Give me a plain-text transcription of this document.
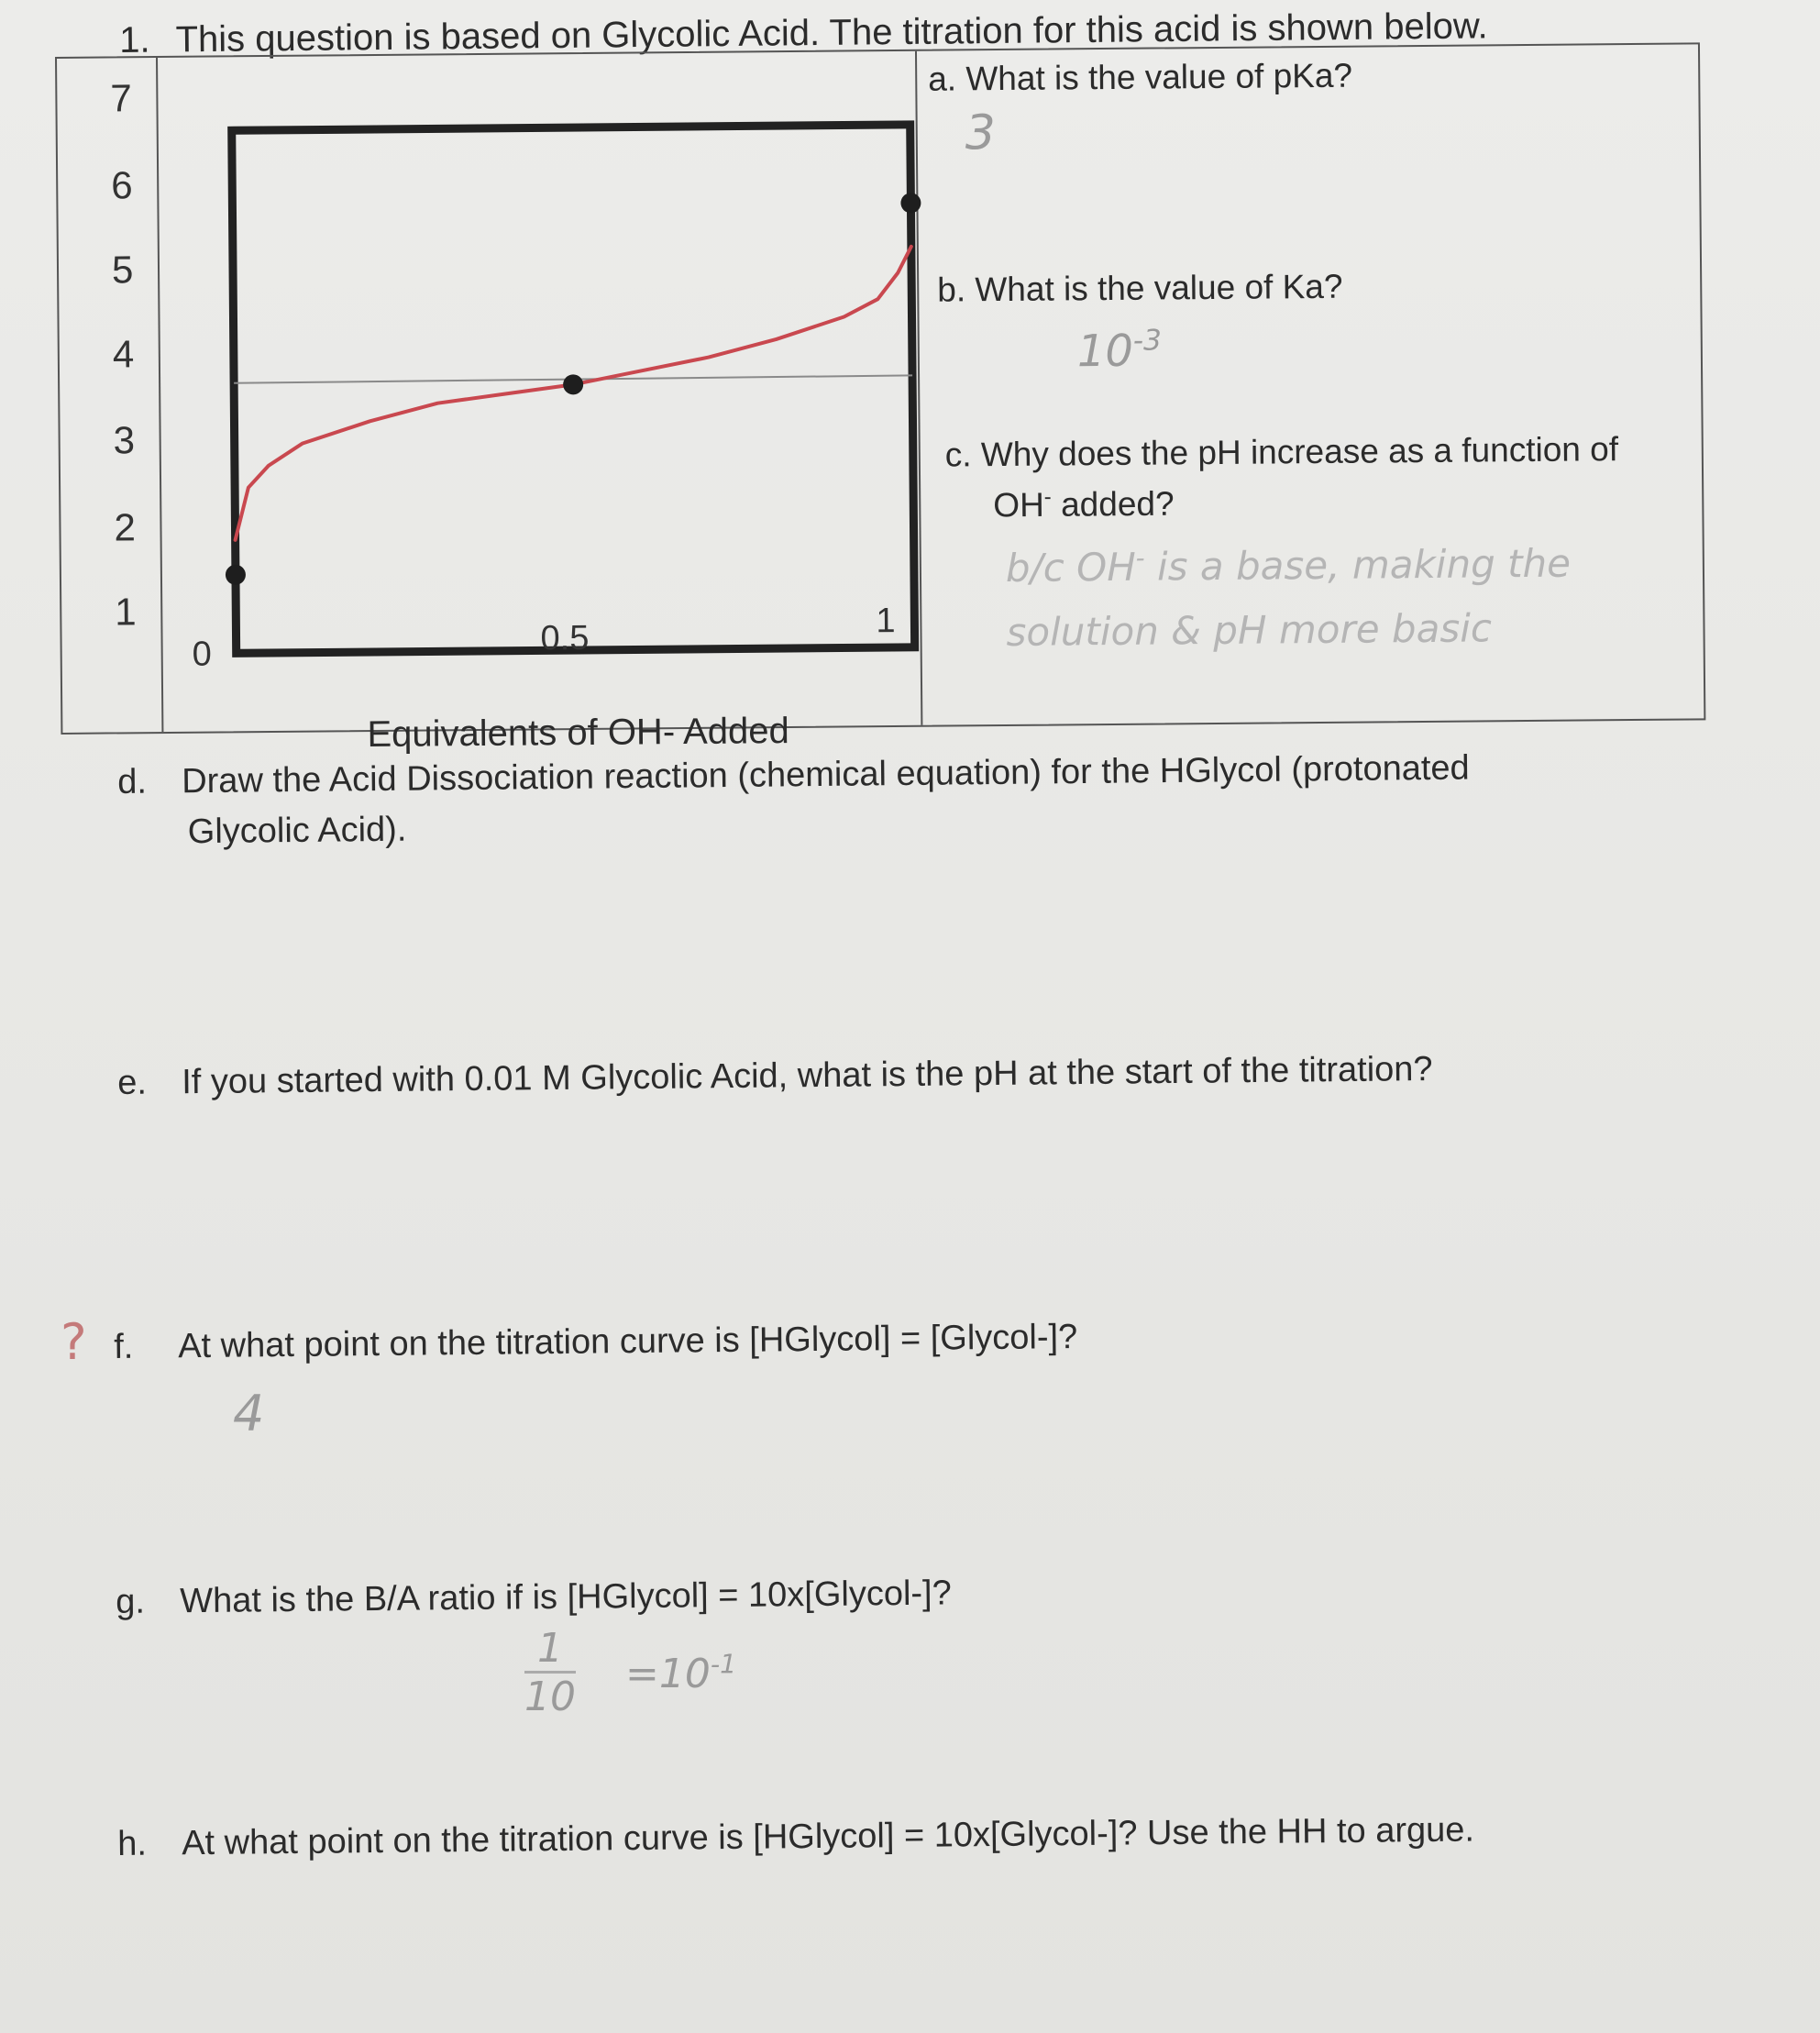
1. This question is based on Glycolic Acid. The titration for this acid is shown below.
7
6
5
4
3
2
1
0	0.5	1
Equivalents of OH- Added
a. What is the value of pKa?
3
b. What is the value of Ka?
$10^{-3}$
c. Why does the pH increase as a function of
OH- added?
b/c OH- is a base, making the
solution & pH more basic
d. Draw the Acid Dissociation reaction (chemical equation) for the HGlycol (protonated
Glycolic Acid).
e. If you started with 0.01 M Glycolic Acid, what is the pH at the start of the titration?
? f. At what point on the titration curve is [HGlycol] = [Glycol-]?
4
g. What is the B/A ratio if is [HGlycol] = 10x[Glycol-]?
$\frac{1}{10} =10^{-1}$
h. At what point on the titration curve is [HGlycol] = 10x[Glycol-]? Use the HH to argue.
